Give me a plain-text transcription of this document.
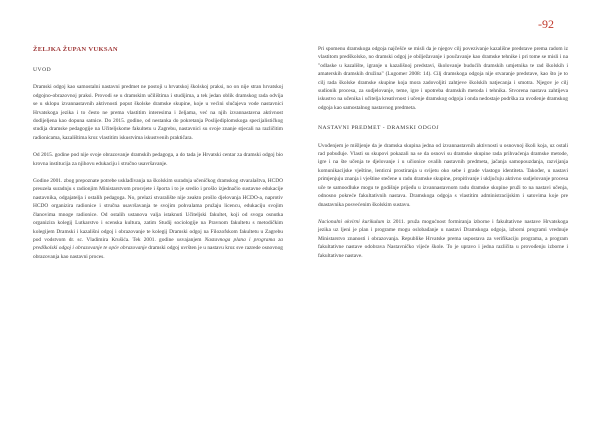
-92
ŽELJKA ŽUPAN VUKSAN
UVOD

Dramski odgoj kao samostalni nastavni predmet ne postoji u hrvatskoj školskoj praksi, no on nije stran hrvatskoj odgojno-obrazovnoj praksi. Provodi se u dramskim učilištima i studijima, a tek jedan oblik dramskog rada odvija se u sklopu izvannastavnih aktivnosti poput školske dramske skupine, koje u većini slučajeva vode nastavnici Hrvatskoga jezika i to često ne prema vlastitim interesima i željama, već na njih izvannastavna aktivnost dodijeljena kao dopuna satnice. Do 2015. godine, od nestanka do pokretanja Poslijediplomskoga specijalističkog studija dramske pedagogije na Učiteljskome fakultetu u Zagrebu, nastavnici su svoje znanje stjecali na različitim radionicama, kazalištima kroz vlastitim iskustvima iskustvenih praktičara.

Od 2015. godine pod nije svoje obrazovanje dramskih pedagoga, a do tada je Hrvatski centar za dramski odgoj bio krovna institucija za njihovu edukaciju i stručno usavršavanje.

Godine 2001. zbog prepoznate potrebe usklađivanja na školskim suradnja učeničkog dramskog stvaralaštva, HCDO preuzela suradnju s radionjim Ministarstvom prosvjete i športa i to je sredio i prošlo izjednačio sustavne edukacije nastavnika, odgajatelja i ostalih pedagoga. No, prelazi stvaralište nije zeakto prošlo djelovanja HCDO-a, naprotiv HCDO organizira radionice i stručna usavršavanja te svojim pohvalama pružaju licencu, edukaciju svojim članovima mnoge radionice. Od ostalih ustanova valja istaknuti Učiteljski fakultet, koji od svoga osnutka organizira kolegij Lutkarstvo i scenska kultura, zatim Studij sociologije na Pravnom fakultetu s metodičkim kolegijem Dramski i kazališni odgoj i obrazovanje te kolegij Dramski odgoj na Filozofskom fakultetu u Zagrebu pod vodstvom dr. sc. Vladimira Krušića. Tek 2001. godine usvajanjem Nastavnoga plana i programa za predškolski odgoj i obrazovanje te opće obrazovanje dramski odgoj uvršten je u nastavu kroz sve razrede osnovnog obrazovanja kao nastavni proces.

Pri spomenu dramskoga odgoja najčešće se misli da je njegov cilj povezivanje kazališne predstave prema radom iz vlastitom predškolsko, no dramski odgoj je obilježavanje i poučavanje kao dramske tehnike i pri tome se misli i na "odlaske u kazalište, igranje u kazališnoj predstavi, školovanje budućih dramskih umjetnika te rad školskih i amaterskih dramskih družina" (Lugomer 2008: 14). Cilj dramskoga odgoja nije stvaranje predstave, kao što je to cilj rada školske dramske skupine koja mora zadovoljiti zahtjeve školskih natjecanja i smotra. Njegov je cilj sudionik procesa, za sudjelovanje, teme, igre i upotreba dramskih metoda i tehnika. Stvorena nastava zahtijeva iskustvo na učenika i učitelja kreativnost i učenje dramskog odgoja i onda nedostaje podrška za uvođenje dramskog odgoja kao samostalnog nastavnog predmeta.

NASTAVNI PREDMET - DRAMSKI ODGOJ

Uvođenjem je mišljenje da je dramska skupina jedna od izvannastavnih aktivnosti u osnovnoj školi koja, uz ostali rad pobuđuje. Vlasti su skupovi pokazali na se da osnovi su dramske skupine rada prihvaćenja dramske metode, igre i na šte učenja te djelovanje i u učionice ovalih nastavnih predmeta, jačanja samopouzdanja, razvijanja komunikacijske vještine, lenticni prostiranja u svijetu oko sebe i grade vlastogo identiteta. Također, u nastavi primjenjuju znanja i vještine stečene u radu dramske skupine, propitivanje i uključuju aktivno sudjelovanje procesa uče te samoodluke mogu te godišnje prijeđu u izvannastavnom radu dramske skupine pruži to na nastavi učenja, odnosno pokreće fakultativnih nastava. Dramskoga odgoja s vlastitim administracijskim i satovima koje pre dnastavnika posvećenim školskim sustavu.

Nacionalni okvirni kurikulum iz 2011. pruža mogućnost formiranja izborne i fakultativne nastave Hrvatskoga jezika uz ljeni je plan i programe mogu oslobađanje u nastavi Dramskoga odgoja, izborni programi vrednuje Ministarstvo znanosti i obrazovanja. Republike Hrvatske prema uspostava za verifikaciju programa, a program fakultativne nastave odobrava Nastavničko vijeće škole. To je upravo i jedna različita u provođenju izborne i fakultativne nastave.
